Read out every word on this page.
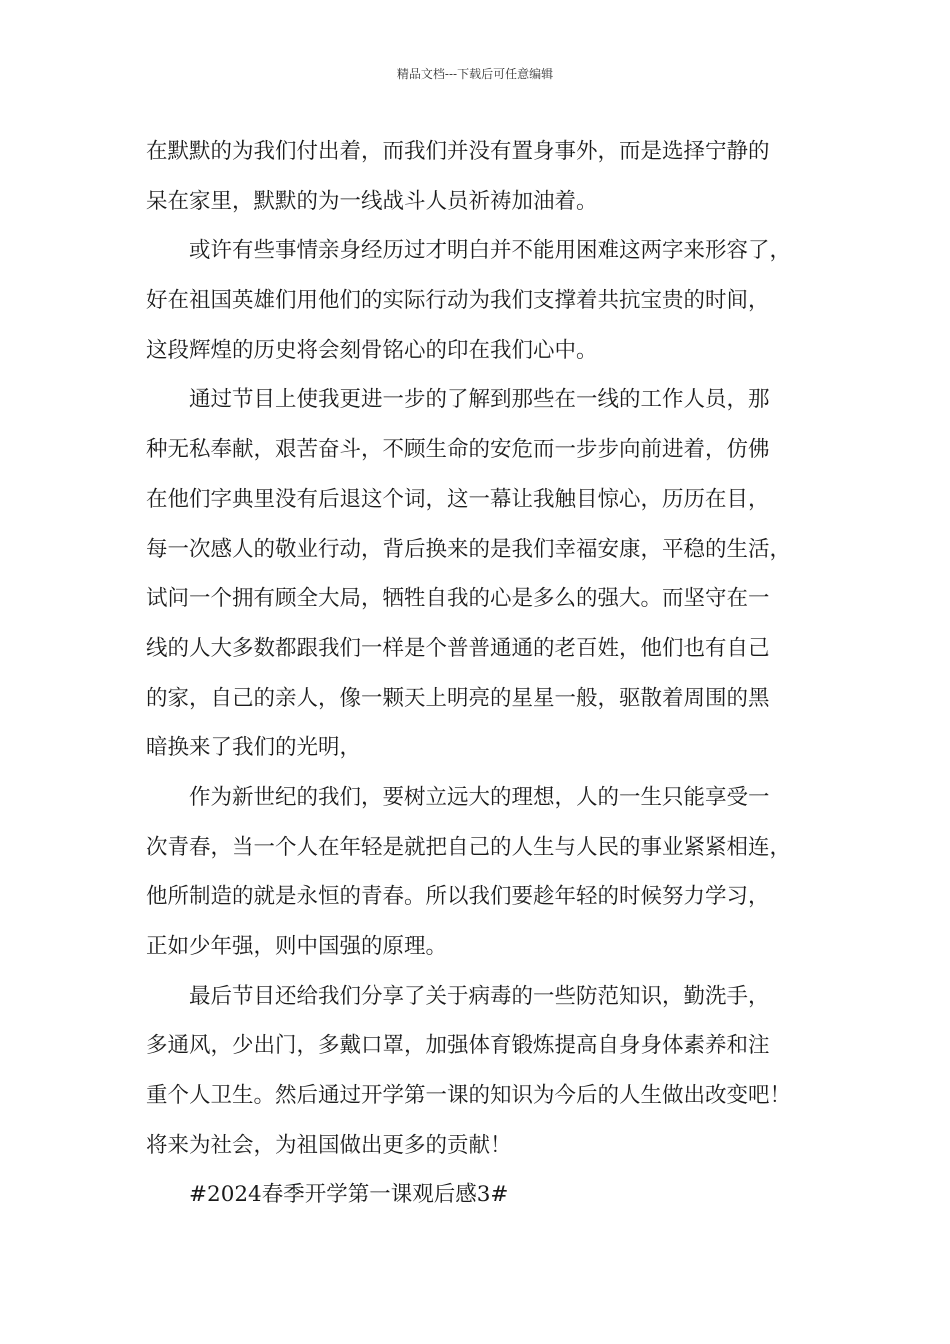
精品文档---下载后可任意编辑
在默默的为我们付出着，而我们并没有置身事外，而是选择宁静的
呆在家里，默默的为一线战斗人员祈祷加油着。
或许有些事情亲身经历过才明白并不能用困难这两字来形容了，
好在祖国英雄们用他们的实际行动为我们支撑着共抗宝贵的时间，
这段辉煌的历史将会刻骨铭心的印在我们心中。
通过节目上使我更进一步的了解到那些在一线的工作人员，那
种无私奉献，艰苦奋斗，不顾生命的安危而一步步向前进着，仿佛
在他们字典里没有后退这个词，这一幕让我触目惊心，历历在目，
每一次感人的敬业行动，背后换来的是我们幸福安康，平稳的生活，
试问一个拥有顾全大局，牺牲自我的心是多么的强大。而坚守在一
线的人大多数都跟我们一样是个普普通通的老百姓，他们也有自己
的家，自己的亲人，像一颗天上明亮的星星一般，驱散着周围的黑
暗换来了我们的光明，
作为新世纪的我们，要树立远大的理想，人的一生只能享受一
次青春，当一个人在年轻是就把自己的人生与人民的事业紧紧相连，
他所制造的就是永恒的青春。所以我们要趁年轻的时候努力学习，
正如少年强，则中国强的原理。
最后节目还给我们分享了关于病毒的一些防范知识，勤洗手，
多通风，少出门，多戴口罩，加强体育锻炼提高自身身体素养和注
重个人卫生。然后通过开学第一课的知识为今后的人生做出改变吧！
将来为社会，为祖国做出更多的贡献！
#2024春季开学第一课观后感3#
